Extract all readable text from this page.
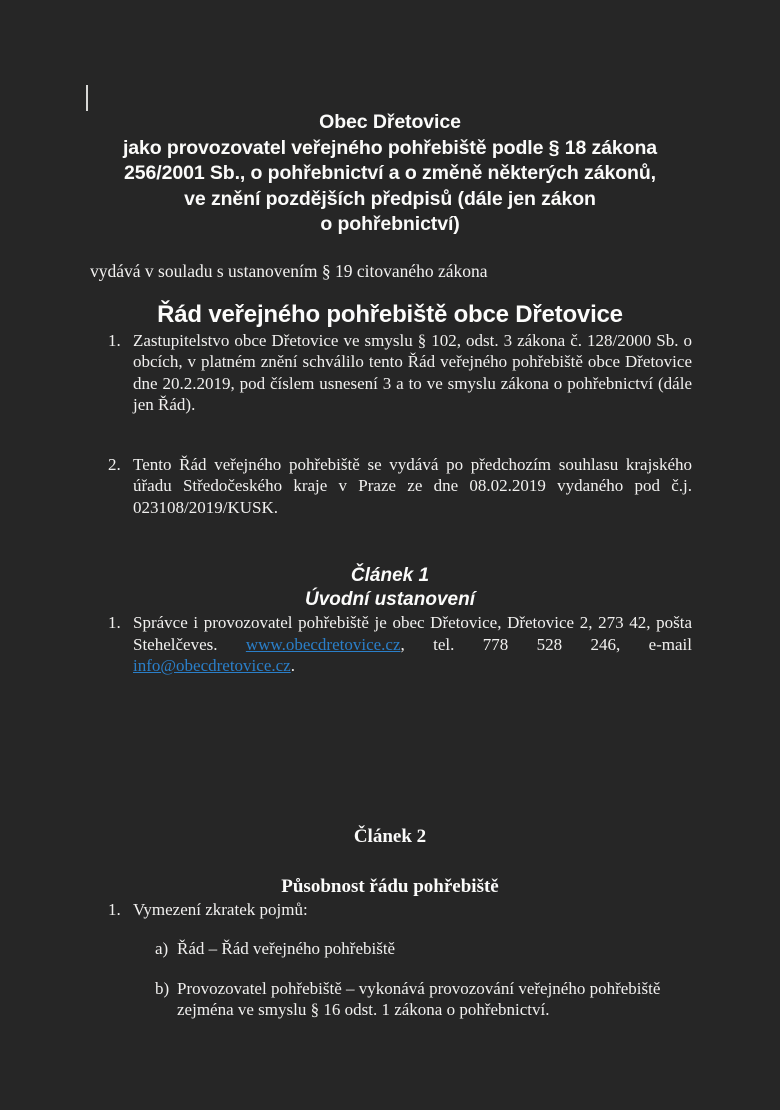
Obec Dřetovice
jako provozovatel veřejného pohřebiště podle § 18 zákona
256/2001 Sb., o pohřebnictví a o změně některých zákonů,
ve znění pozdějších předpisů (dále jen zákon
o pohřebnictví)

vydává v souladu s ustanovením § 19 citovaného zákona

Řád veřejného pohřebiště obce Dřetovice
1. Zastupitelstvo obce Dřetovice ve smyslu § 102, odst. 3 zákona č. 128/2000 Sb. o obcích, v platném znění schválilo tento Řád veřejného pohřebiště obce Dřetovice dne 20.2.2019, pod číslem usnesení 3 a to ve smyslu zákona o pohřebnictví (dále jen Řád).
2. Tento Řád veřejného pohřebiště se vydává po předchozím souhlasu krajského úřadu Středočeského kraje v Praze ze dne 08.02.2019 vydaného pod č.j. 023108/2019/KUSK.
Článek 1
Úvodní ustanovení
1. Správce i provozovatel pohřebiště je obec Dřetovice, Dřetovice 2, 273 42, pošta Stehelčeves. www.obecdretovice.cz, tel. 778 528 246, e-mail info@obecdretovice.cz.
Článek 2
Působnost řádu pohřebiště
1. Vymezení zkratek pojmů:
a) Řád – Řád veřejného pohřebiště
b) Provozovatel pohřebiště – vykonává provozování veřejného pohřebiště zejména ve smyslu § 16 odst. 1 zákona o pohřebnictví.
